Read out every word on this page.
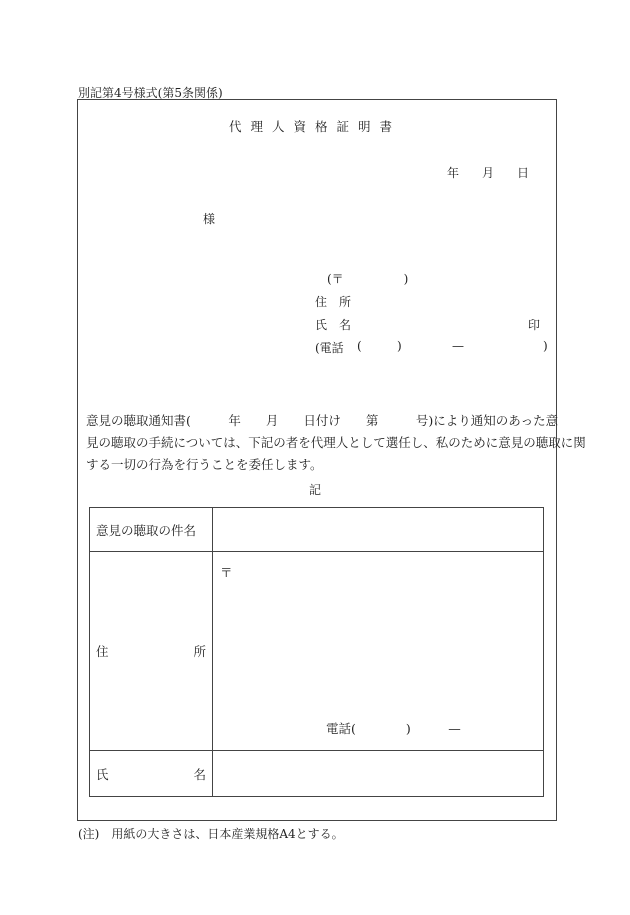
別記第4号様式(第5条関係)
代理人資格証明書
年 月 日
様
(〒　　　　　)
住　所
氏　名	印
(電話 (	)	—	)
意見の聴取通知書(　　　年　　月　　日付け　　第　　　号)により通知のあった意
見の聴取の手続については、下記の者を代理人として選任し、私のために意見の聴取に関
する一切の行為を行うことを委任します。
記
意見の聴取の件名	

住 所	〒
電話(　　　　)　　　—

氏 名	

(注)　用紙の大きさは、日本産業規格A4とする。
